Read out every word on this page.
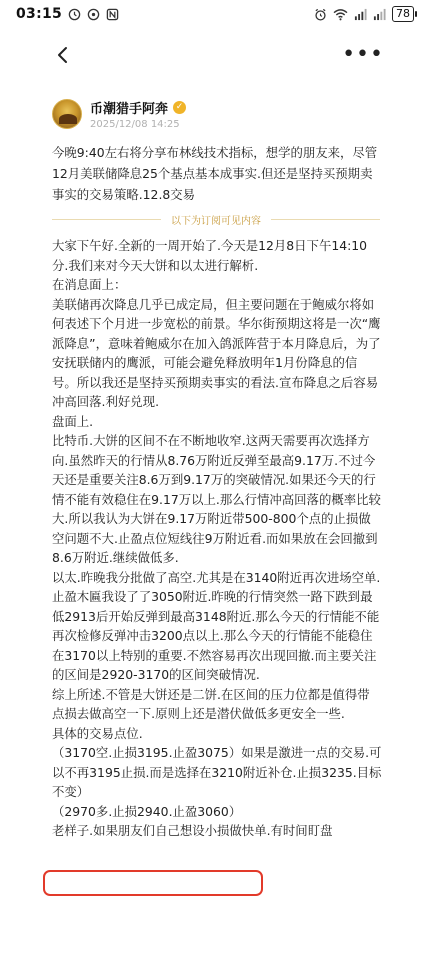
03:15	78
•••
币潮猎手阿奔 ✓
2025/12/08 14:25

今晚9:40左右将分享布林线技术指标，想学的朋友来，尽管12月美联储降息25个基点基本成事实.但还是坚持买预期卖事实的交易策略.12.8交易

以下为订阅可见内容

大家下午好.全新的一周开始了.今天是12月8日下午14:10分.我们来对今天大饼和以太进行解析.

在消息面上：

美联储再次降息几乎已成定局，但主要问题在于鲍威尔将如何表述下个月进一步宽松的前景。华尔街预期这将是一次“鹰派降息”，意味着鲍威尔在加入鸽派阵营于本月降息后，为了安抚联储内的鹰派，可能会避免释放明年1月份降息的信号。所以我还是坚持买预期卖事实的看法.宣布降息之后容易冲高回落.利好兑现.

盘面上.

比特币.大饼的区间不在不断地收窄.这两天需要再次选择方向.虽然昨天的行情从8.76万附近反弹至最高9.17万.不过今天还是重要关注8.6万到9.17万的突破情况.如果还今天的行情不能有效稳住在9.17万以上.那么行情冲高回落的概率比较大.所以我认为大饼在9.17万附近带500-800个点的止损做空问题不大.止盈点位短线往9万附近看.而如果放在会回撤到8.6万附近.继续做低多.

以太.昨晚我分批做了高空.尤其是在3140附近再次进场空单.止盈木匾我设了了3050附近.昨晚的行情突然一路下跌到最低2913后开始反弹到最高3148附近.那么今天的行情能不能再次检修反弹冲击3200点以上.那么今天的行情能不能稳住在3170以上特别的重要.不然容易再次出现回撤.而主要关注的区间是2920-3170的区间突破情况.

综上所述.不管是大饼还是二饼.在区间的压力位都是值得带点损去做高空一下.原则上还是潜伏做低多更安全一些.

具体的交易点位.

（3170空.止损3195.止盈3075）如果是激进一点的交易.可以不再3195止损.而是选择在3210附近补仓.止损3235.目标不变）

（2970多.止损2940.止盈3060）

老样子.如果朋友们自己想设小损做快单.有时间盯盘
